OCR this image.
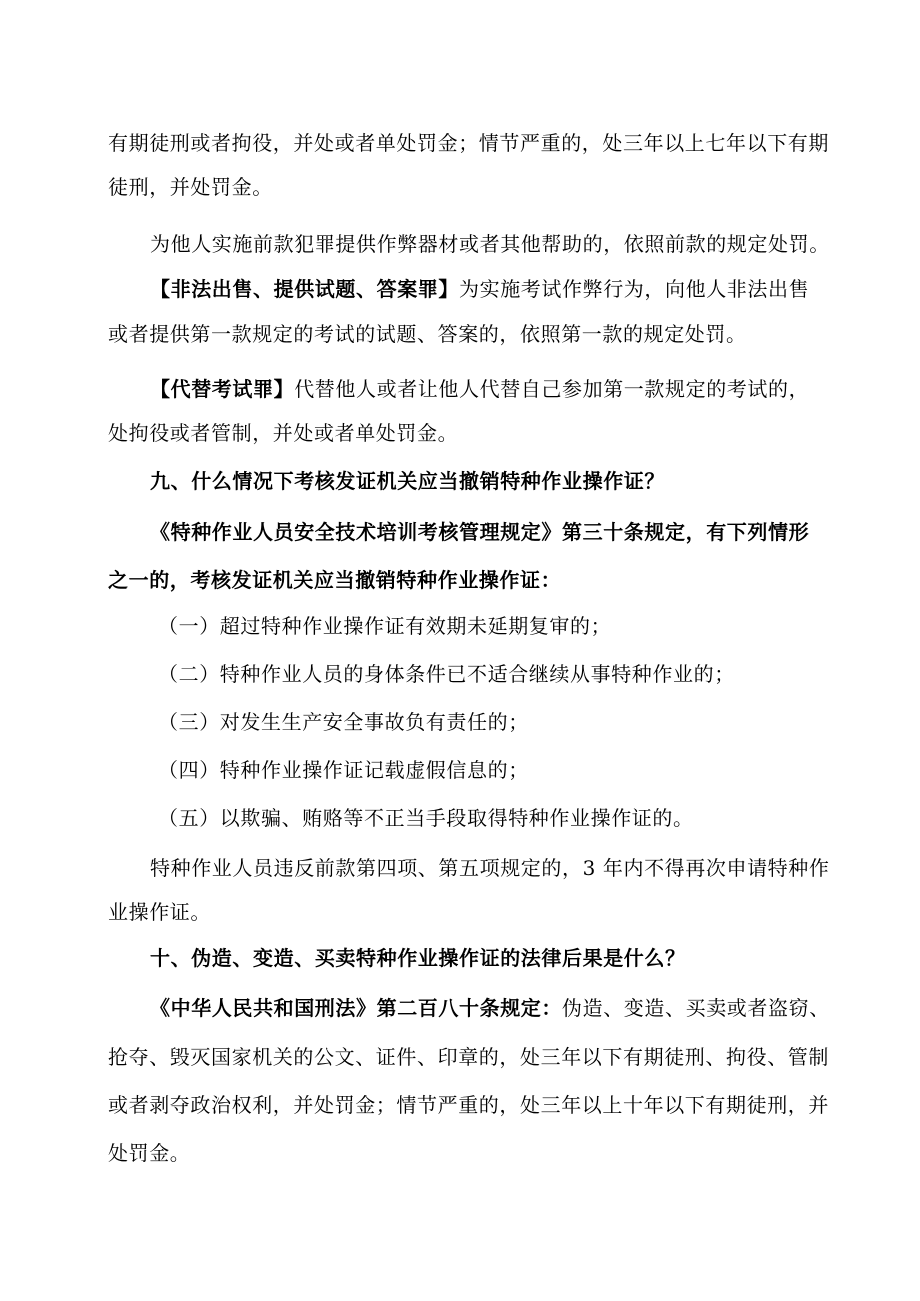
有期徒刑或者拘役，并处或者单处罚金；情节严重的，处三年以上七年以下有期
徒刑，并处罚金。
为他人实施前款犯罪提供作弊器材或者其他帮助的，依照前款的规定处罚。
【非法出售、提供试题、答案罪】为实施考试作弊行为，向他人非法出售
或者提供第一款规定的考试的试题、答案的，依照第一款的规定处罚。
【代替考试罪】代替他人或者让他人代替自己参加第一款规定的考试的，
处拘役或者管制，并处或者单处罚金。
九、什么情况下考核发证机关应当撤销特种作业操作证？
《特种作业人员安全技术培训考核管理规定》第三十条规定，有下列情形
之一的，考核发证机关应当撤销特种作业操作证：
（一）超过特种作业操作证有效期未延期复审的；
（二）特种作业人员的身体条件已不适合继续从事特种作业的；
（三）对发生生产安全事故负有责任的；
（四）特种作业操作证记载虚假信息的；
（五）以欺骗、贿赂等不正当手段取得特种作业操作证的。
特种作业人员违反前款第四项、第五项规定的，3 年内不得再次申请特种作
业操作证。
十、伪造、变造、买卖特种作业操作证的法律后果是什么？
《中华人民共和国刑法》第二百八十条规定：伪造、变造、买卖或者盗窃、
抢夺、毁灭国家机关的公文、证件、印章的，处三年以下有期徒刑、拘役、管制
或者剥夺政治权利，并处罚金；情节严重的，处三年以上十年以下有期徒刑，并
处罚金。
